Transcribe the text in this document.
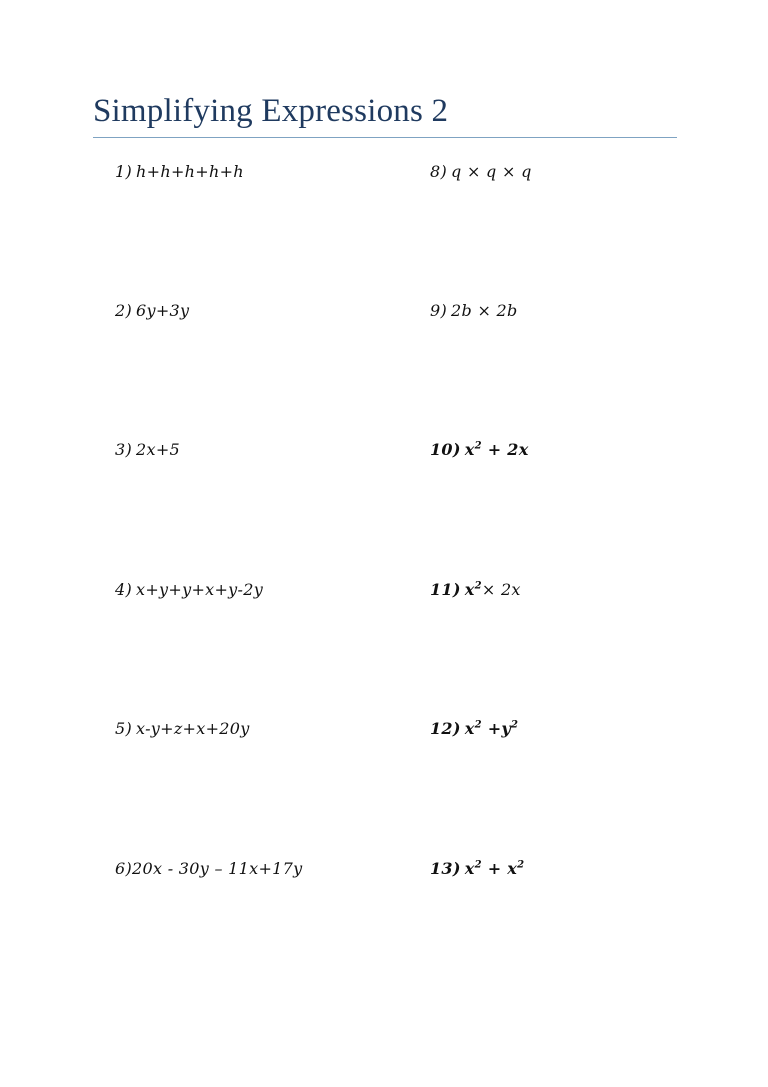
Simplifying Expressions 2
1) h+h+h+h+h
2) 6y+3y
3) 2x+5
4) x+y+y+x+y-2y
5) x-y+z+x+20y
6)20x - 30y – 11x+17y
8) q × q × q
9) 2b × 2b
10) $x^2 + 2x$
11) $x^2\times 2x$
12) $x^2 +y^2$
13) $x^2 + x^2$
